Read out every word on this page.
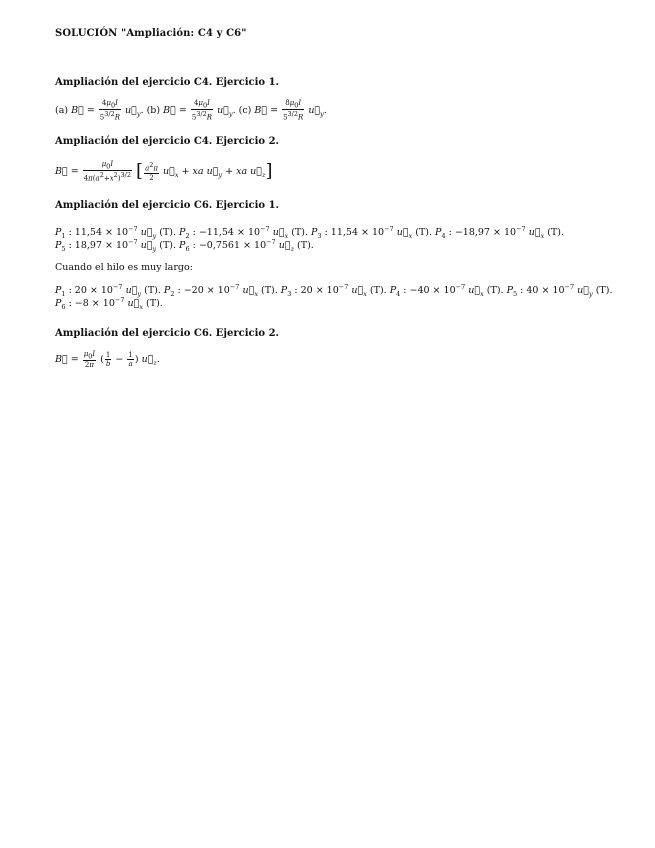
SOLUCIÓN "Ampliación: C4 y C6"

Ampliación del ejercicio C4. Ejercicio 1.

(a) B⃗ = $\frac{4\mu_0I}{5^{3/2}R}$ $u⃗_y$. (b) B⃗ = $\frac{4\mu_0I}{5^{3/2}R}$ $u⃗_y$. (c) B⃗ = $\frac{8\mu_0I}{5^{3/2}R}$ $u⃗_y$.

Ampliación del ejercicio C4. Ejercicio 2.

B⃗ = $\frac{\mu_0I}{4\pi(a^2+x^2)^{3/2}}$ [ $\frac{a^2\pi}{2}$ $u⃗_x$ + xa $u⃗_y$ + xa $u⃗_z$]

Ampliación del ejercicio C6. Ejercicio 1.

$P_1$ : $11,54 \times 10^{-7}$ $u⃗_y$ (T). $P_2$ : $-11,54 \times 10^{-7}$ $u⃗_x$ (T). $P_3$ : $11,54 \times 10^{-7}$ $u⃗_x$ (T). $P_4$ : $-18,97 \times 10^{-7}$ $u⃗_x$ (T).
$P_5$ : $18,97 \times 10^{-7}$ $u⃗_y$ (T). $P_6$ : $-0,7561 \times 10^{-7}$ $u⃗_z$ (T).

Cuando el hilo es muy largo:

$P_1$ : $20 \times 10^{-7}$ $u⃗_y$ (T). $P_2$ : $-20 \times 10^{-7}$ $u⃗_x$ (T). $P_3$ : $20 \times 10^{-7}$ $u⃗_x$ (T). $P_4$ : $-40 \times 10^{-7}$ $u⃗_x$ (T). $P_5$ : $40 \times 10^{-7}$ $u⃗_y$ (T).
$P_6$ : $-8 \times 10^{-7}$ $u⃗_x$ (T).

Ampliación del ejercicio C6. Ejercicio 2.

B⃗ = $\frac{\mu_0I}{2\pi}$ ( $\frac{1}{b} - \frac{1}{a}$ ) $u⃗_z$.
